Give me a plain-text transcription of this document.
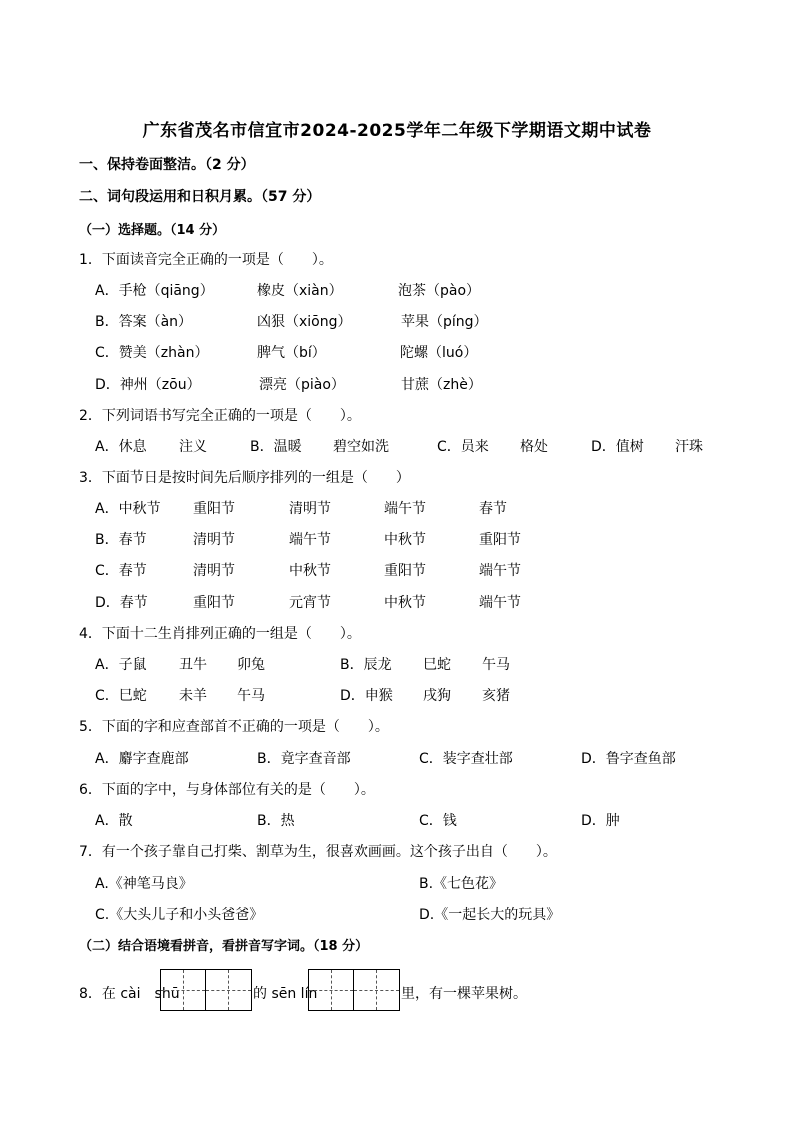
广东省茂名市信宜市2024-2025学年二年级下学期语文期中试卷
一、保持卷面整洁。（2 分）
二、词句段运用和日积月累。（57 分）
（一）选择题。（14 分）
1．下面读音完全正确的一项是（　　）。
A．手枪（qiāng）	橡皮（xiàn）	泡茶（pào）
B．答案（àn）	凶狠（xiōng）	苹果（píng）
C．赞美（zhàn）	脾气（bí）	陀螺（luó）
D．神州（zōu）	漂亮（piào）	甘蔗（zhè）
2．下列词语书写完全正确的一项是（　　）。
A．休息 注义	B．温暖 碧空如洗	C．员来 格处	D．值树 汗珠
3．下面节日是按时间先后顺序排列的一组是（　　）
A．中秋节 重阳节	清明节	端午节	春节
B．春节	清明节	端午节	中秋节	重阳节
C．春节	清明节	中秋节	重阳节	端午节
D．春节	重阳节	元宵节	中秋节	端午节
4．下面十二生肖排列正确的一组是（　　）。
A．子鼠 丑牛 卯兔	B．辰龙 巳蛇 午马
C．巳蛇 未羊 午马	D．申猴 戌狗 亥猪
5．下面的字和应查部首不正确的一项是（　　）。
A．麝字查鹿部	B．竟字查音部	C．装字查壮部	D．鲁字查鱼部
6．下面的字中，与身体部位有关的是（　　）。
A．散	B．热	C．钱	D．肿
7．有一个孩子靠自己打柴、割草为生，很喜欢画画。这个孩子出自（　　）。
A.《神笔马良》	B.《七色花》
C.《大头儿子和小头爸爸》	D.《一起长大的玩具》
（二）结合语境看拼音，看拼音写字词。（18 分）
8．在 cài　shū	的 sēn lín	里，有一棵苹果树。
